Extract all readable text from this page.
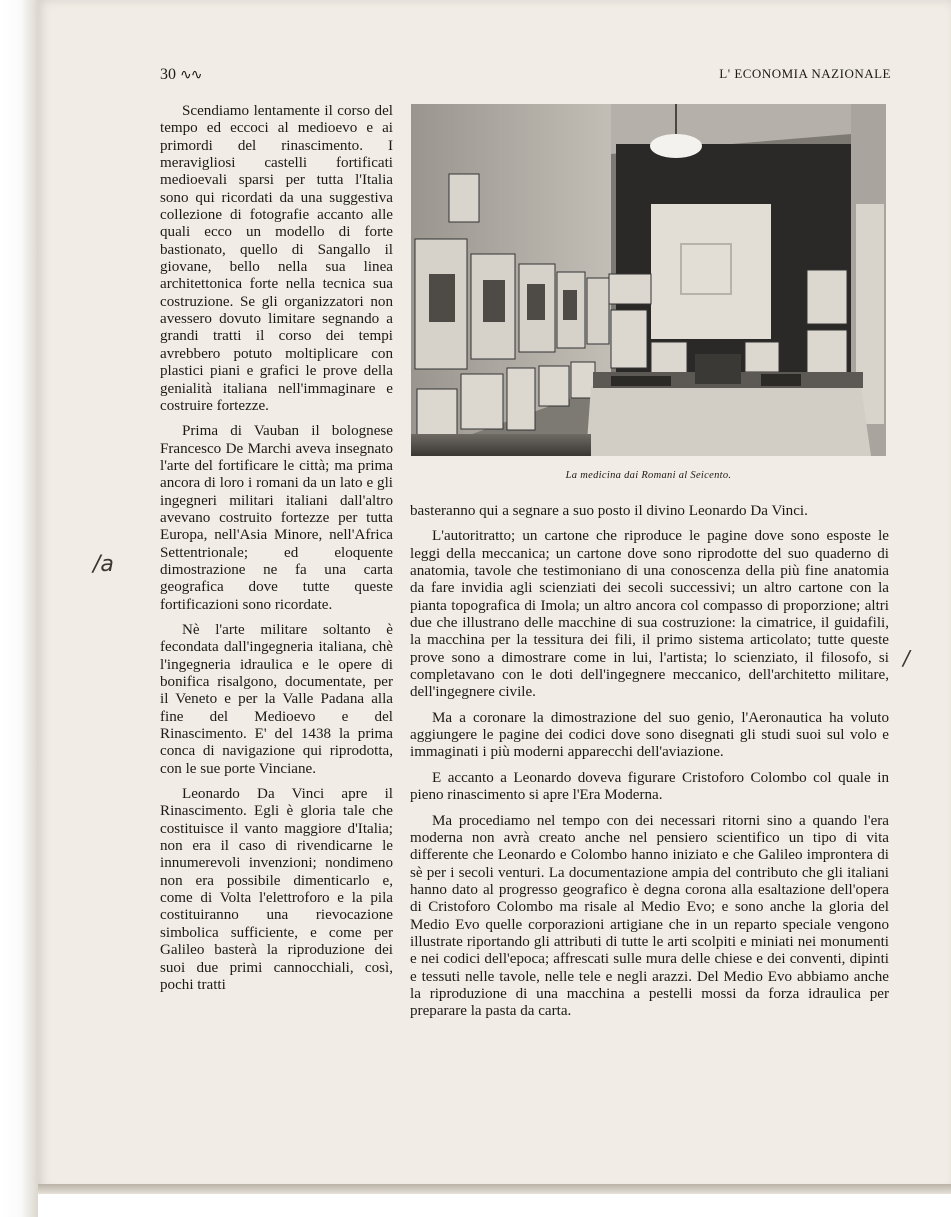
30 ∿∿	L' ECONOMIA NAZIONALE
La medicina dai Romani al Seicento.

Scendiamo lentamente il corso del tempo ed eccoci al medioevo e ai primordi del rinascimento. I meravigliosi castelli fortificati medioevali sparsi per tutta l'Italia sono qui ricordati da una suggestiva collezione di fotografie accanto alle quali ecco un modello di forte bastionato, quello di Sangallo il giovane, bello nella sua linea architettonica forte nella tecnica sua costruzione. Se gli organizzatori non avessero dovuto limitare segnando a grandi tratti il corso dei tempi avrebbero potuto moltiplicare con plastici piani e grafici le prove della genialità italiana nell'immaginare e costruire fortezze.

Prima di Vauban il bolognese Francesco De Marchi aveva insegnato l'arte del fortificare le città; ma prima ancora di loro i romani da un lato e gli ingegneri militari italiani dall'altro avevano costruito fortezze per tutta Europa, nell'Asia Minore, nell'Africa Settentrionale; ed eloquente dimostrazione ne fa una carta geografica dove tutte queste fortificazioni sono ricordate.

Nè l'arte militare soltanto è fecondata dall'ingegneria italiana, chè l'ingegneria idraulica e le opere di bonifica risalgono, documentate, per il Veneto e per la Valle Padana alla fine del Medioevo e del Rinascimento. E' del 1438 la prima conca di navigazione qui riprodotta, con le sue porte Vinciane.

Leonardo Da Vinci apre il Rinascimento. Egli è gloria tale che costituisce il vanto maggiore d'Italia; non era il caso di rivendicarne le innumerevoli invenzioni; nondimeno non era possibile dimenticarlo e, come di Volta l'elettroforo e la pila costituiranno una rievocazione simbolica sufficiente, e come per Galileo basterà la riproduzione dei suoi due primi cannocchiali, così, pochi tratti

basteranno qui a segnare a suo posto il divino Leonardo Da Vinci.

L'autoritratto; un cartone che riproduce le pagine dove sono esposte le leggi della meccanica; un cartone dove sono riprodotte del suo quaderno di anatomia, tavole che testimoniano di una conoscenza della più fine anatomia da fare invidia agli scienziati dei secoli successivi; un altro cartone con la pianta topografica di Imola; un altro ancora col compasso di proporzione; altri due che illustrano delle macchine di sua costruzione: la cimatrice, il guidafili, la macchina per la tessitura dei fili, il primo sistema articolato; tutte queste prove sono a dimostrare come in lui, l'artista; lo scienziato, il filosofo, si completavano con le doti dell'ingegnere meccanico, dell'architetto militare, dell'ingegnere civile.

Ma a coronare la dimostrazione del suo genio, l'Aeronautica ha voluto aggiungere le pagine dei codici dove sono disegnati gli studi suoi sul volo e immaginati i più moderni apparecchi dell'aviazione.

E accanto a Leonardo doveva figurare Cristoforo Colombo col quale in pieno rinascimento si apre l'Era Moderna.

Ma procediamo nel tempo con dei necessari ritorni sino a quando l'era moderna non avrà creato anche nel pensiero scientifico un tipo di vita differente che Leonardo e Colombo hanno iniziato e che Galileo improntera di sè per i secoli venturi. La documentazione ampia del contributo che gli italiani hanno dato al progresso geografico è degna corona alla esaltazione dell'opera di Cristoforo Colombo ma risale al Medio Evo; e sono anche la gloria del Medio Evo quelle corporazioni artigiane che in un reparto speciale vengono illustrate riportando gli attributi di tutte le arti scolpiti e miniati nei monumenti e nei codici dell'epoca; affrescati sulle mura delle chiese e dei conventi, dipinti e tessuti nelle tavole, nelle tele e negli arazzi. Del Medio Evo abbiamo anche la riproduzione di una macchina a pestelli mossi da forza idraulica per preparare la pasta da carta.

/a
/
